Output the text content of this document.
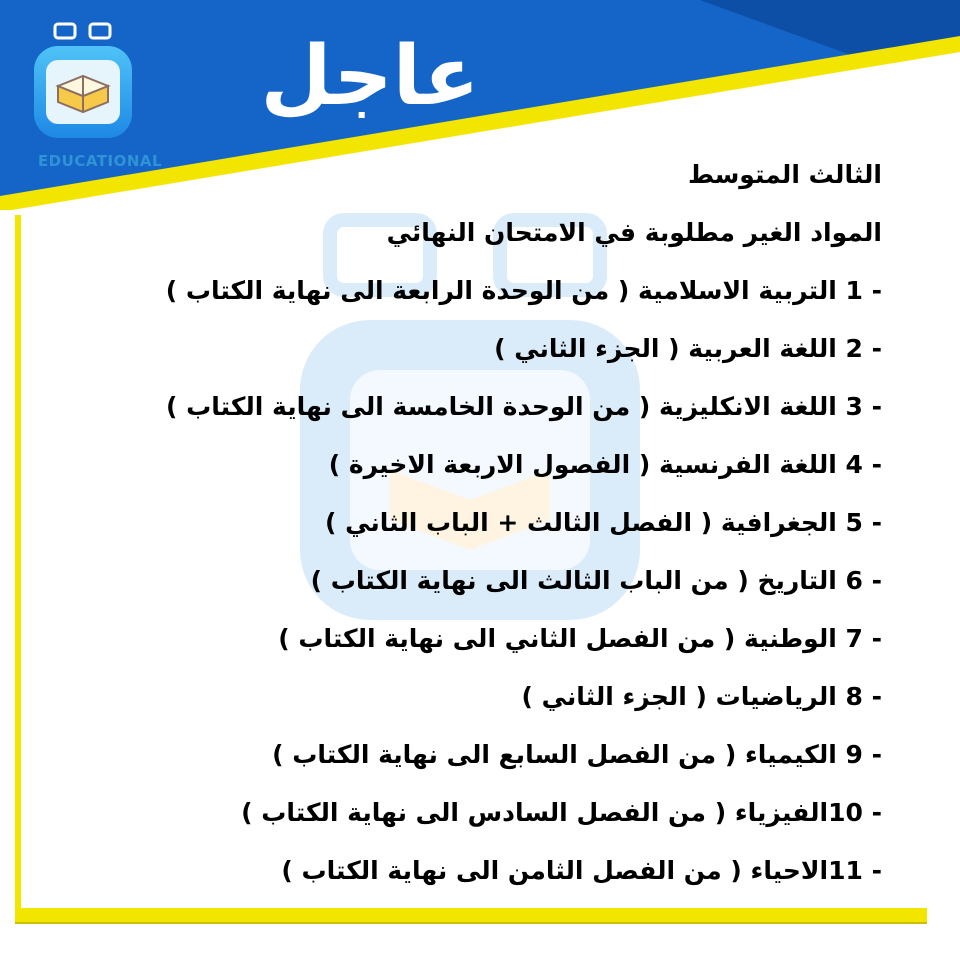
EDUCATIONAL
عاجل
الثالث المتوسط
المواد الغير مطلوبة في الامتحان النهائي
1 - التربية الاسلامية ( من الوحدة الرابعة الى نهاية الكتاب )
2 - اللغة العربية ( الجزء الثاني )
3 - اللغة الانكليزية ( من الوحدة الخامسة الى نهاية الكتاب )
4 - اللغة الفرنسية ( الفصول الاربعة الاخيرة )
5 - الجغرافية ( الفصل الثالث + الباب الثاني )
6 - التاريخ ( من الباب الثالث الى نهاية الكتاب )
7 - الوطنية ( من الفصل الثاني الى نهاية الكتاب )
8 - الرياضيات ( الجزء الثاني )
9 - الكيمياء ( من الفصل السابع الى نهاية الكتاب )
10 -الفيزياء ( من الفصل السادس الى نهاية الكتاب )
11 -الاحياء ( من الفصل الثامن الى نهاية الكتاب )
